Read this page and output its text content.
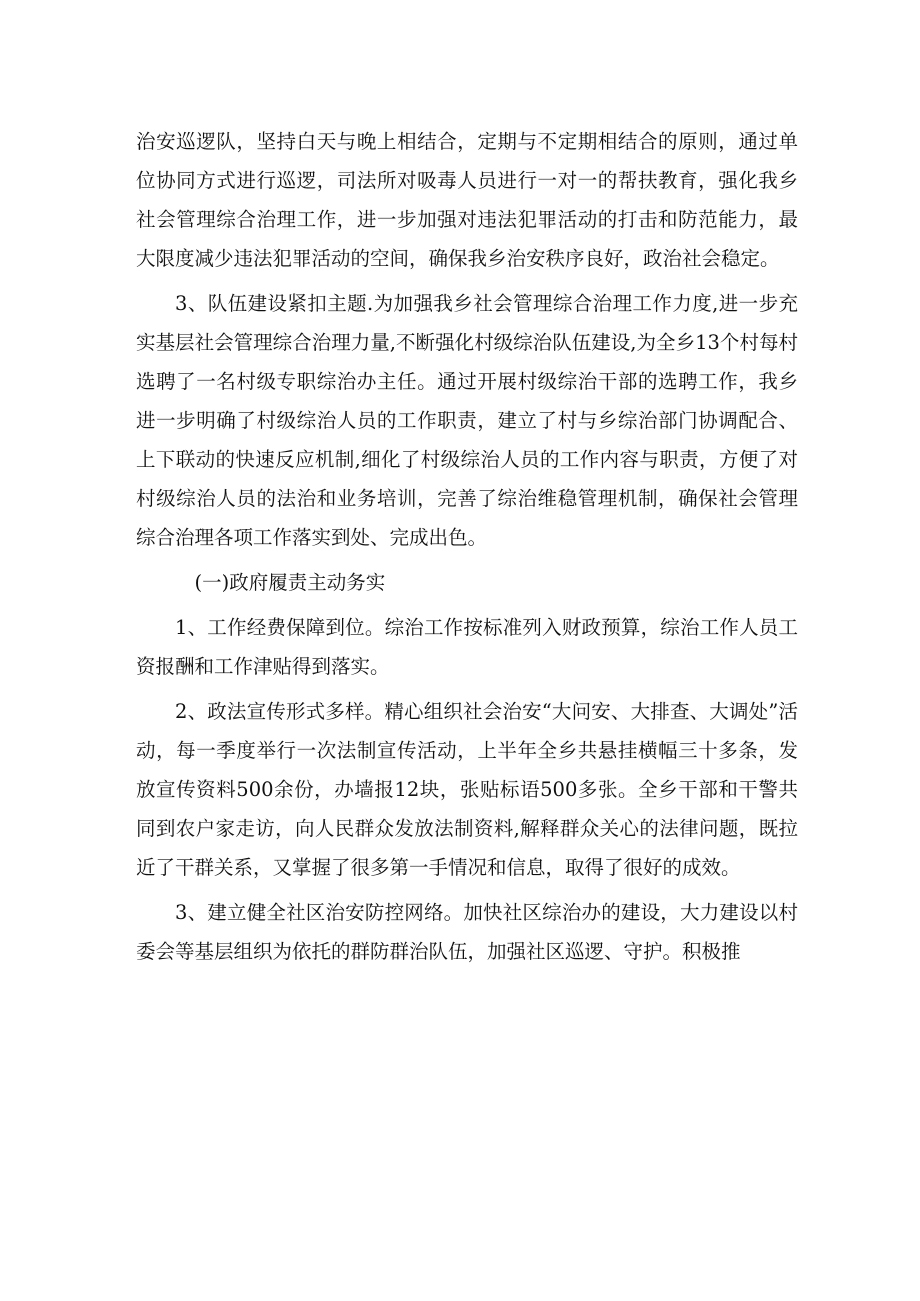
治安巡逻队，坚持白天与晚上相结合，定期与不定期相结合的原则，通过单位协同方式进行巡逻，司法所对吸毒人员进行一对一的帮扶教育，强化我乡社会管理综合治理工作，进一步加强对违法犯罪活动的打击和防范能力，最大限度减少违法犯罪活动的空间，确保我乡治安秩序良好，政治社会稳定。

3、队伍建设紧扣主题.为加强我乡社会管理综合治理工作力度,进一步充实基层社会管理综合治理力量,不断强化村级综治队伍建设,为全乡13个村每村选聘了一名村级专职综治办主任。通过开展村级综治干部的选聘工作，我乡进一步明确了村级综治人员的工作职责，建立了村与乡综治部门协调配合、上下联动的快速反应机制,细化了村级综治人员的工作内容与职责，方便了对村级综治人员的法治和业务培训，完善了综治维稳管理机制，确保社会管理综合治理各项工作落实到处、完成出色。

(一)政府履责主动务实

1、工作经费保障到位。综治工作按标准列入财政预算，综治工作人员工资报酬和工作津贴得到落实。

2、政法宣传形式多样。精心组织社会治安“大问安、大排查、大调处”活动，每一季度举行一次法制宣传活动，上半年全乡共悬挂横幅三十多条，发放宣传资料500余份，办墙报12块，张贴标语500多张。全乡干部和干警共同到农户家走访，向人民群众发放法制资料,解释群众关心的法律问题，既拉近了干群关系，又掌握了很多第一手情况和信息，取得了很好的成效。

3、建立健全社区治安防控网络。加快社区综治办的建设，大力建设以村委会等基层组织为依托的群防群治队伍，加强社区巡逻、守护。积极推
